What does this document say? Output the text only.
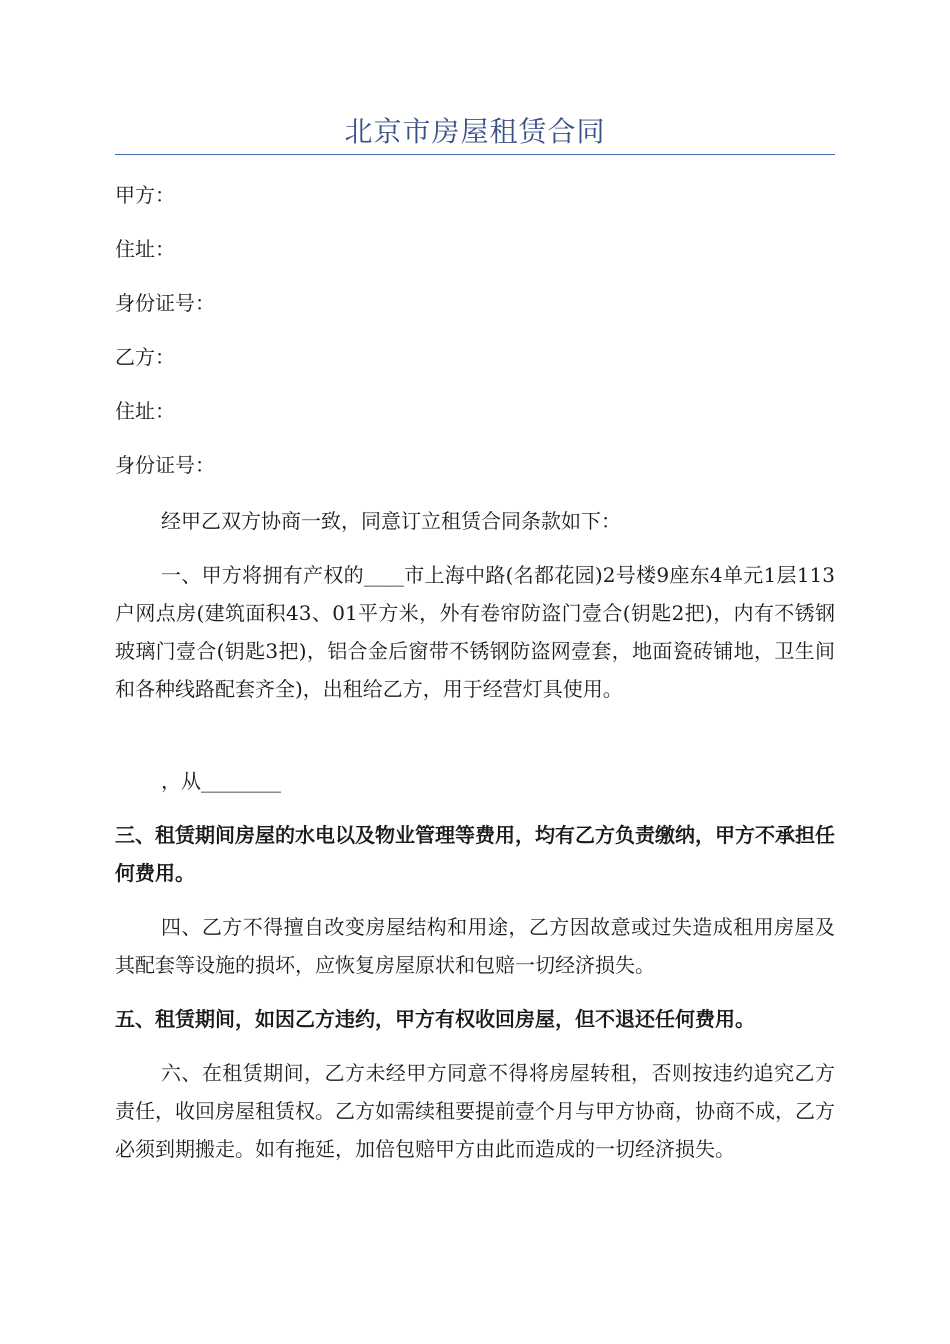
北京市房屋租赁合同
甲方：
住址：
身份证号：
乙方：
住址：
身份证号：

经甲乙双方协商一致，同意订立租赁合同条款如下：

一、甲方将拥有产权的____市上海中路(名都花园)2号楼9座东4单元1层113户网点房(建筑面积43、01平方米，外有卷帘防盗门壹合(钥匙2把)，内有不锈钢玻璃门壹合(钥匙3把)，铝合金后窗带不锈钢防盗网壹套，地面瓷砖铺地，卫生间和各种线路配套齐全)，出租给乙方，用于经营灯具使用。

，从________

三、租赁期间房屋的水电以及物业管理等费用，均有乙方负责缴纳，甲方不承担任何费用。

四、乙方不得擅自改变房屋结构和用途，乙方因故意或过失造成租用房屋及其配套等设施的损坏，应恢复房屋原状和包赔一切经济损失。

五、租赁期间，如因乙方违约，甲方有权收回房屋，但不退还任何费用。

六、在租赁期间，乙方未经甲方同意不得将房屋转租，否则按违约追究乙方责任，收回房屋租赁权。乙方如需续租要提前壹个月与甲方协商，协商不成，乙方必须到期搬走。如有拖延，加倍包赔甲方由此而造成的一切经济损失。
